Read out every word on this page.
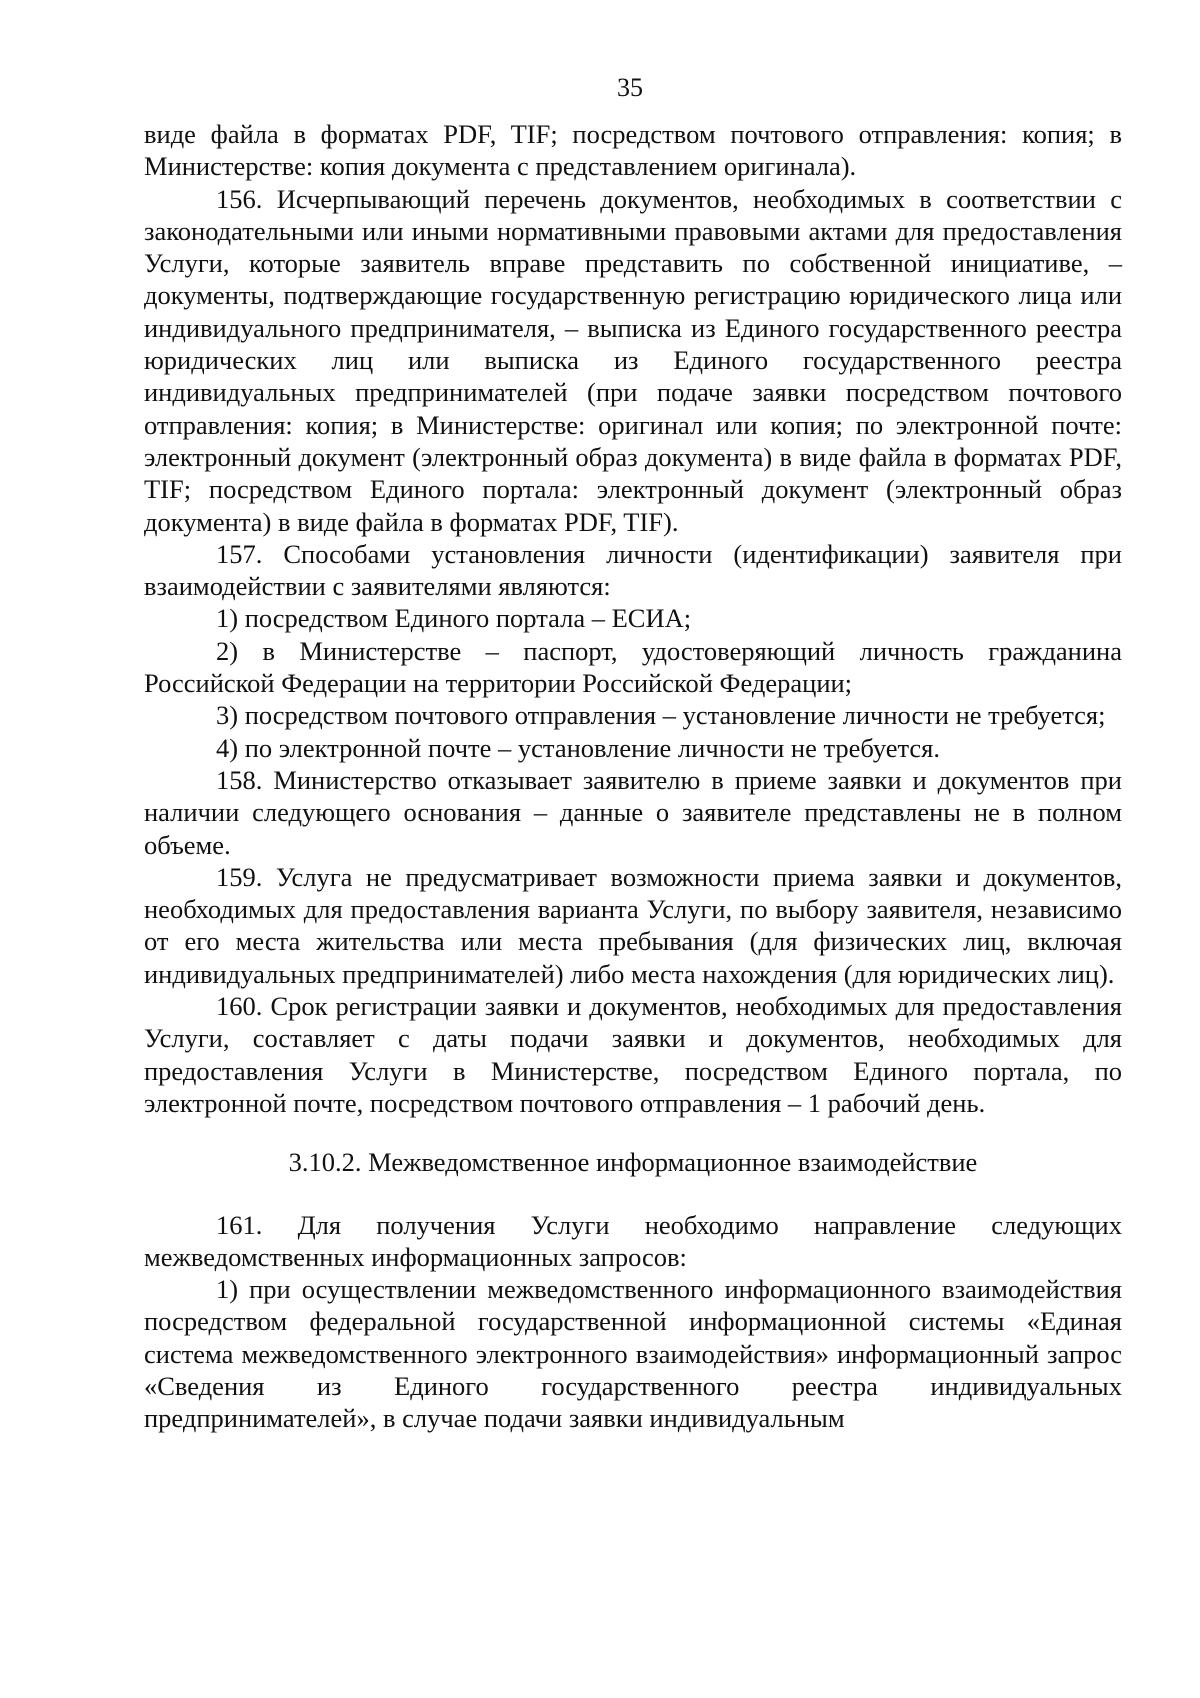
35

виде файла в форматах PDF, TIF; посредством почтового отправления: копия; в Министерстве: копия документа с представлением оригинала).

156. Исчерпывающий перечень документов, необходимых в соответствии с законодательными или иными нормативными правовыми актами для предоставления Услуги, которые заявитель вправе представить по собственной инициативе, – документы, подтверждающие государственную регистрацию юридического лица или индивидуального предпринимателя, – выписка из Единого государственного реестра юридических лиц или выписка из Единого государственного реестра индивидуальных предпринимателей (при подаче заявки посредством почтового отправления: копия; в Министерстве: оригинал или копия; по электронной почте: электронный документ (электронный образ документа) в виде файла в форматах PDF, TIF; посредством Единого портала: электронный документ (электронный образ документа) в виде файла в форматах PDF, TIF).

157. Способами установления личности (идентификации) заявителя при взаимодействии с заявителями являются:

1) посредством Единого портала – ЕСИА;

2) в Министерстве – паспорт, удостоверяющий личность гражданина Российской Федерации на территории Российской Федерации;

3) посредством почтового отправления – установление личности не требуется;

4) по электронной почте – установление личности не требуется.

158. Министерство отказывает заявителю в приеме заявки и документов при наличии следующего основания – данные о заявителе представлены не в полном объеме.

159. Услуга не предусматривает возможности приема заявки и документов, необходимых для предоставления варианта Услуги, по выбору заявителя, независимо от его места жительства или места пребывания (для физических лиц, включая индивидуальных предпринимателей) либо места нахождения (для юридических лиц).

160. Срок регистрации заявки и документов, необходимых для предоставления Услуги, составляет с даты подачи заявки и документов, необходимых для предоставления Услуги в Министерстве, посредством Единого портала, по электронной почте, посредством почтового отправления – 1 рабочий день.

3.10.2. Межведомственное информационное взаимодействие

161. Для получения Услуги необходимо направление следующих межведомственных информационных запросов:

1) при осуществлении межведомственного информационного взаимодействия посредством федеральной государственной информационной системы «Единая система межведомственного электронного взаимодействия» информационный запрос «Сведения из Единого государственного реестра индивидуальных предпринимателей», в случае подачи заявки индивидуальным
